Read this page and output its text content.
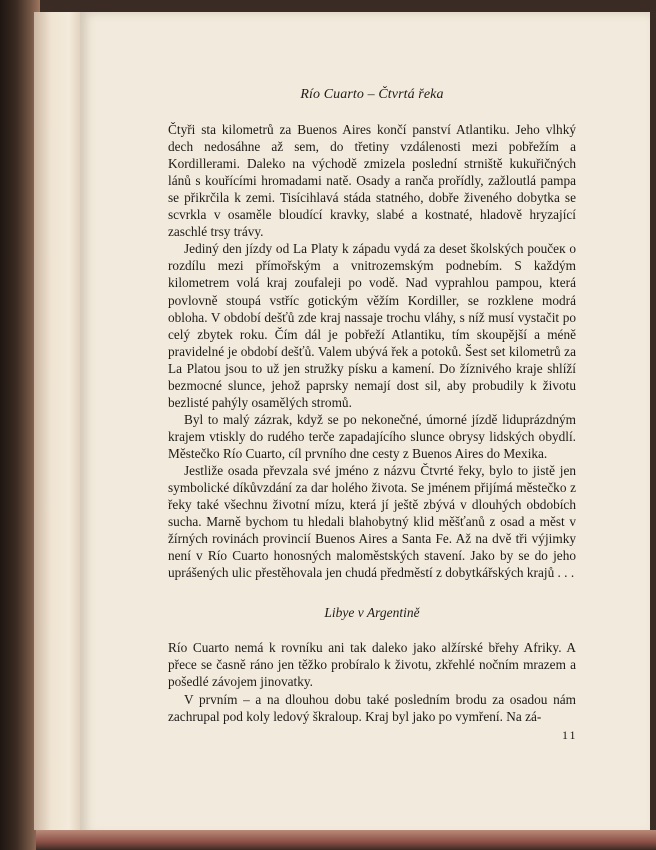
Río Cuarto – Čtvrtá řeka

Čtyři sta kilometrů za Buenos Aires končí panství Atlantiku. Jeho vlhký dech nedosáhne až sem, do třetiny vzdálenosti mezi pobřežím a Kordillerami. Daleko na východě zmizela poslední strniště kukuřičných lánů s kouřícími hromadami natě. Osady a ranča prořídly, zažloutlá pampa se přikrčila k zemi. Tisícihlavá stáda statného, dobře živeného dobytka se scvrkla v osaměle bloudící kravky, slabé a kostnaté, hladově hryzající zaschlé trsy trávy.

Jediný den jízdy od La Platy k západu vydá za deset školských poučeк o rozdílu mezi přímořským a vnitrozemským podnebím. S každým kilometrem volá kraj zoufaleji po vodě. Nad vyprahlou pampou, která povlovně stoupá vstříc gotickým věžím Kordiller, se rozklene modrá obloha. V období dešťů zde kraj nassaje trochu vláhy, s níž musí vystačit po celý zbytek roku. Čím dál je pobřeží Atlantiku, tím skoupější a méně pravidelné je období dešťů. Valem ubývá řek a potoků. Šest set kilometrů za La Platou jsou to už jen stružky písku a kamení. Do žíznivého kraje shlíží bezmocné slunce, jehož paprsky nemají dost sil, aby probudily k životu bezlisté pahýly osamělých stromů.

Byl to malý zázrak, když se po nekonečné, úmorné jízdě liduprázdným krajem vtiskly do rudého terče zapadajícího slunce obrysy lidských obydlí. Městečko Río Cuarto, cíl prvního dne cesty z Buenos Aires do Mexika.

Jestliže osada převzala své jméno z názvu Čtvrté řeky, bylo to jistě jen symbolické díkůvzdání za dar holého života. Se jménem přijímá městečko z řeky také všechnu životní mízu, která jí ještě zbývá v dlouhých obdobích sucha. Marně bychom tu hledali blahobytný klid měšťanů z osad a měst v žírných rovinách provincií Buenos Aires a Santa Fe. Až na dvě tři výjimky není v Río Cuarto honosných maloměstských stavení. Jako by se do jeho uprášených ulic přestěhovala jen chudá předměstí z dobytkářských krajů . . .

Libye v Argentině

Río Cuarto nemá k rovníku ani tak daleko jako alžírské břehy Afriky. A přece se časně ráno jen těžko probíralo k životu, zkřehlé nočním mrazem a pošedlé závojem jinovatky.

V prvním – a na dlouhou dobu také posledním brodu za osadou nám zachrupal pod koly ledový škraloup. Kraj byl jako po vymření. Na zá-

11
